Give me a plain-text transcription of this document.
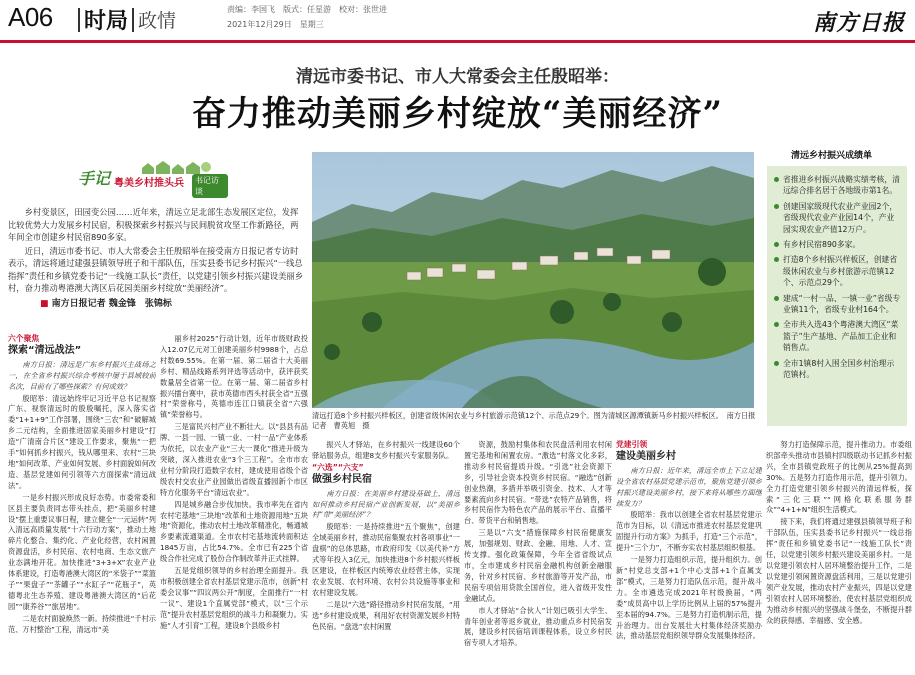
A06 时局 政情
责编：李国飞　版式：任星游　校对：张世进
2021年12月29日　星期三	南方日报
清远市委书记、市人大常委会主任殷昭举：
奋力推动美丽乡村绽放“美丽经济”
手记 粤美乡村推头兵	书记访谈

乡村变景区，田园变公园……近年来，清远立足北部生态发展区定位，发挥比较优势大力发展乡村民宿，积极探索乡村振兴与民间脱贫攻坚工作新路径，两年间全市创建乡村民宿890多家。

近日，清远市委书记、市人大常委会主任殷昭举在接受南方日报记者专访时表示，清远将通过建强县镇领导班子和干部队伍，压实县委书记乡村振兴“一线总指挥”责任和乡镇党委书记“一线施工队长”责任，以党建引领乡村振兴建设美丽乡村，奋力推动粤港澳大湾区后花园美丽乡村绽放“美丽经济”。

■ 南方日报记者 魏金锋　张锦标
六个聚焦
探索“清远战法”

南方日报：清远是广东乡村振兴主战场之一，在全省乡村振兴综合考核中屡于县域较前名次，目前有了哪些探索？有何成效？

殷昭举：清远始终牢记习近平总书记视察广东、视察清远时的殷殷嘱托，深入落实省委“1+1+9”工作部署，围绕“三农”和“破解城乡二元结构，全面推进固家美丽乡村建设”打造“广清南合片区”建设工作要求，聚焦“一把手”如何抓乡村振兴，钱从哪里来、农村“三块地”如何改革、产业如何发展、乡村面貌如何改造、基层党建如何引领等六方面探索“清远战法”。

一是乡村振兴形成良好态势。市委常委和区县主要负责同志带头挂点，把“美丽乡村建设”摆上重要议事日程，建立健全“一元运转”列入清远高质量发展“十六行动方案”，推动土地碎片化整合、集约化、产业化经营，农村闲置资源盘活，乡村民宿、农村电商、生态文旅产业态满地开花。加快推进“3+3+X”农业产业体系建设，打造粤港澳大湾区的“米袋子”“菜篮子”“果盘子”“茶罐子”“水缸子”“花瓶子”，英德粤北生态养殖、建设粤港澳大湾区的“后花园”“康养谷”“旅居地”。

二是农村面貌焕然一新。持续推进“千村示范、万村整治”工程，清远市“美

丽乡村2025”行动计划，近年市级财政投入12.07亿元对工创建美丽乡村9988个，占总村数69.55%。在第一届、第二届省十大美丽乡村、精品线路系列评选等活动中，获评获奖数量居全省第一位。在第一届、第二届省乡村振兴擂台赛中，获市英德市西头村获全省“五强村”荣誉称号，英德市连江口镇获全省“六强镇”荣誉称号。

三是富民兴村产业不断壮大。以“县县有品牌、一县一园、一镇一业、一村一品”产业体系为依托，以农业产业“三大一课化”推进升级为突破，深入推进农业“3个三工程”。全市市农业村分阶段打造数字农村，建成使用省级个省级农村交农业产业园做出省级直播园新个市区特方化服务平台“清远农业”。

四是城乡融合步伐加快。我市率先在省内农村宅基地“三块地”改革和土地资源用地“五块地”资源化，推动农村土地改革精准化，畅通城乡要素流通渠道。全市农村宅基地流转面积达1845万亩，占比54.7%。全市已有225个省级合作社完成了股份合作制改革并正式挂牌。

五是党组织领导的乡村治理全面提升。我市积极创建全省农村基层党建示范市，创新“村委会议事”“四议两公开”制度，全面推行“一村一议”、建设1个直属党部”模式，以“三个示范”提升农村基层党组织的战斗力和凝聚力。实施“人才引育”工程，建设8个县级乡村

振兴人才驿站，在乡村振兴一线建设60个驿站服务点，组建8支乡村振兴专家服务队。

“六选”“六支”
做强乡村民宿

南方日报：在美丽乡村建设基础上，清远如何推动乡村民宿产业创新发展，以“美丽乡村”带“美丽经济”？

殷昭举：一是持续推进“五个聚焦”，创建全域美丽乡村，推动民宿集聚农村各项事业“一盘棋”的总体思路，市政府印发《以美代补”方式等年投入3亿元，加快推进8个乡村振兴样板区建设，在样板区内统筹农业经营主体，实现农业发展、农村环境、农村公共设施等事业和农村建设发展。

二是以“六选”路径推动乡村民宿发展，“用选”乡村建设成果，利用好农村资源发展乡村特色民宿。“盘选”农村闲置

资源，鼓励村集体和农民盘活利用农村闲置宅基地和闲置农房。“激选”村落文化多彩，推动乡村民宿提质升级。“引选”社会资源下乡，引导社会资本投资乡村民宿。“融选”创新创业热潮，多措并举吸引资金、技术、人才等要素流向乡村民宿。“带选”农特产品销售，将乡村民宿作为特色农产品的展示平台、直播平台、带货平台和销售地。

三是以“六支”措施保障乡村民宿健康发展，加强规划、财政、金融、用地、人才、宣传支撑。强化政策保障，今年全省省级试点市，全市建成乡村民宿金融机构创新金融服务，针对乡村民宿、乡村旅游等开发产品，市民宿专项信用贷款全国首位，进入省级开发性金融试点。

市人才驿站“合伙人”计划已吸引大学生、青年创业者等返乡就业，推动重点乡村民宿发展，建设乡村民宿培训课程体系，设立乡村民宿专项人才培养。

党建引领
建设美丽乡村

南方日报：近年来，清远全市上下立足建设全省农村基层党建示范市，聚焦党建引领乡村振兴建设美丽乡村，接下来将从哪些方面继续发力？

殷昭举：我市以创建全省农村基层党建示范市为目标，以《清远市推进农村基层党建巩固提升行动方案》为抓手，打造“三个示范”，提升“三个力”，不断夯实农村基层组织根基。

一是努力打造组织示范，提升组织力。创新“村党总支部+1个中心支部+1个直属支部”模式，三是努力打造队伍示范，提升战斗力。全市遴选完成2021年村级换届，“两委”成员高中以上学历比例从上届的57%提升至本届的94.7%。三是努力打造机制示范，提升治理力。出台发展壮大村集体经济奖励办法，推动基层党组织领导群众发展集体经济。

努力打造保障示范，提升推动力。市委组织部牵头推动市县镇村四级联动书记抓乡村振兴，全市县镇党政班子的比例从25%提高到30%。五是努力打造作用示范，提升引领力。全力打造党建引领乡村振兴的清远样板，探索“三化三联”“网格化联系服务群众”“4+1+N”组织生活模式。

接下来，我们将通过建强县镇领导班子和干部队伍，压实县委书记乡村振兴“一线总指挥”责任和乡镇党委书记“一线施工队长”责任，以党建引领乡村振兴建设美丽乡村。一是以党建引领农村人居环境整治提升工作，二是以党建引领闲置资源盘活利用，三是以党建引领产业发展，推动农村产业振兴，四是以党建引领农村人居环境整治，使农村基层党组织成为推动乡村振兴的坚强战斗堡垒，不断提升群众的获得感、幸福感、安全感。

清远打造8个乡村振兴样板区，创建省级休闲农业与乡村旅游示范镇12个、示范点29个。图为清城区源潭镇新马乡村振兴样板区。　南方日报记者　曹英旭　摄
清远乡村振兴成绩单
省推进乡村振兴战略实绩考核，清远综合排名居于各地级市第1名。
创建国家级现代农业产业园2个，省级现代农业产业园14个，产业园实现农业产值12万户。
有乡村民宿890多家。
打造8个乡村振兴样板区，创建省级休闲农业与乡村旅游示范镇12个、示范点29个。
建成“一村一品、一镇一业”省级专业镇11个，省级专业村164个。
全市共入选43个粤港澳大湾区“菜篮子”生产基地、产品加工企业和销售点。
全市1镇8村入围全国乡村治理示范镇村。
